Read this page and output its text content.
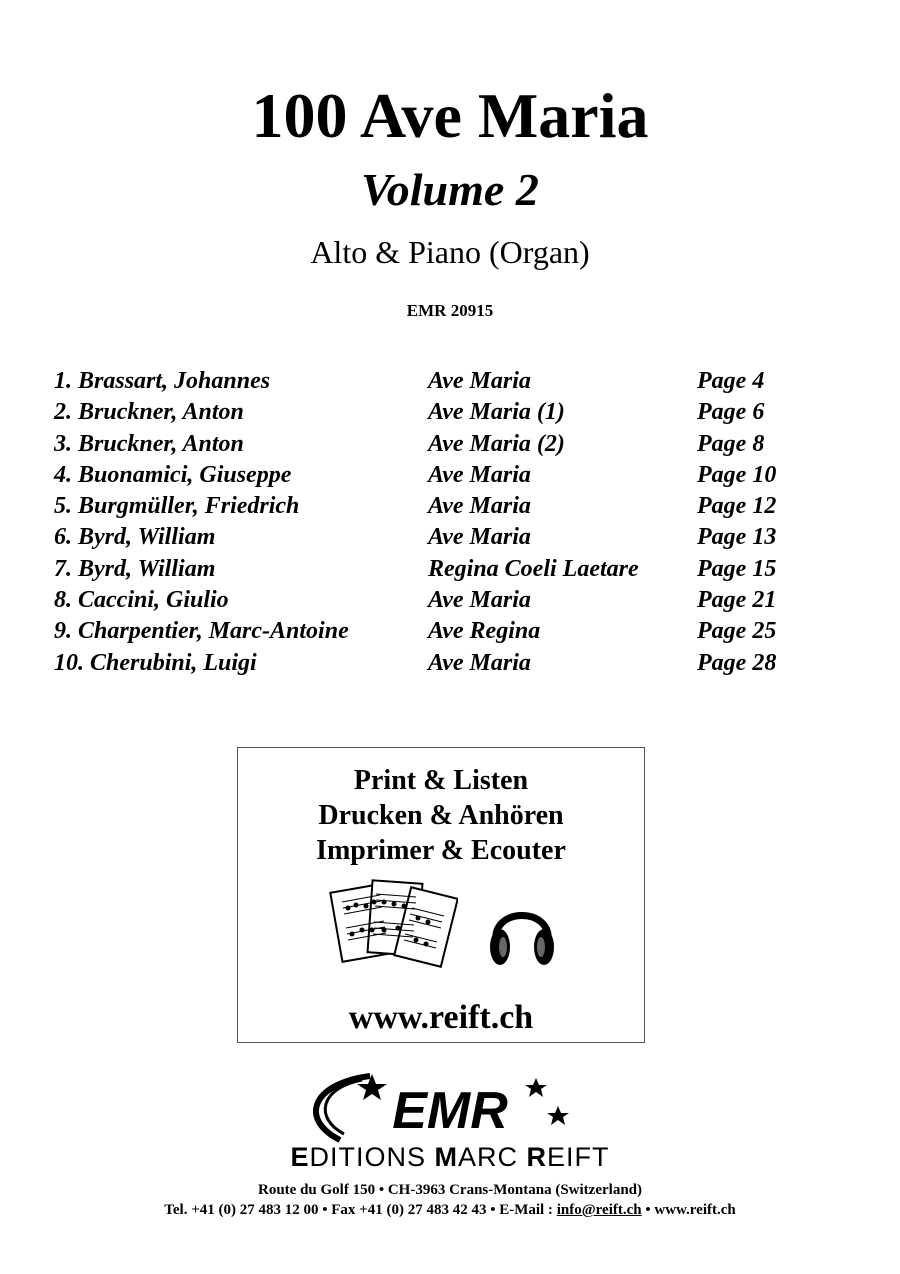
100 Ave Maria
Volume 2
Alto & Piano (Organ)
EMR 20915
1. Brassart, Johannes	Ave Maria	Page 4
2. Bruckner, Anton	Ave Maria (1)	Page 6
3. Bruckner, Anton	Ave Maria (2)	Page 8
4. Buonamici, Giuseppe	Ave Maria	Page 10
5. Burgmüller, Friedrich	Ave Maria	Page 12
6. Byrd, William	Ave Maria	Page 13
7. Byrd, William	Regina Coeli Laetare Page 15
8. Caccini, Giulio	Ave Maria	Page 21
9. Charpentier, Marc-Antoine	Ave Regina	Page 25
10. Cherubini, Luigi	Ave Maria	Page 28
Print & Listen
Drucken & Anhören
Imprimer & Ecouter
www.reift.ch
EMR
EDITIONS MARC REIFT
Route du Golf 150 • CH-3963 Crans-Montana (Switzerland)
Tel. +41 (0) 27 483 12 00 • Fax +41 (0) 27 483 42 43 • E-Mail : info@reift.ch • www.reift.ch
